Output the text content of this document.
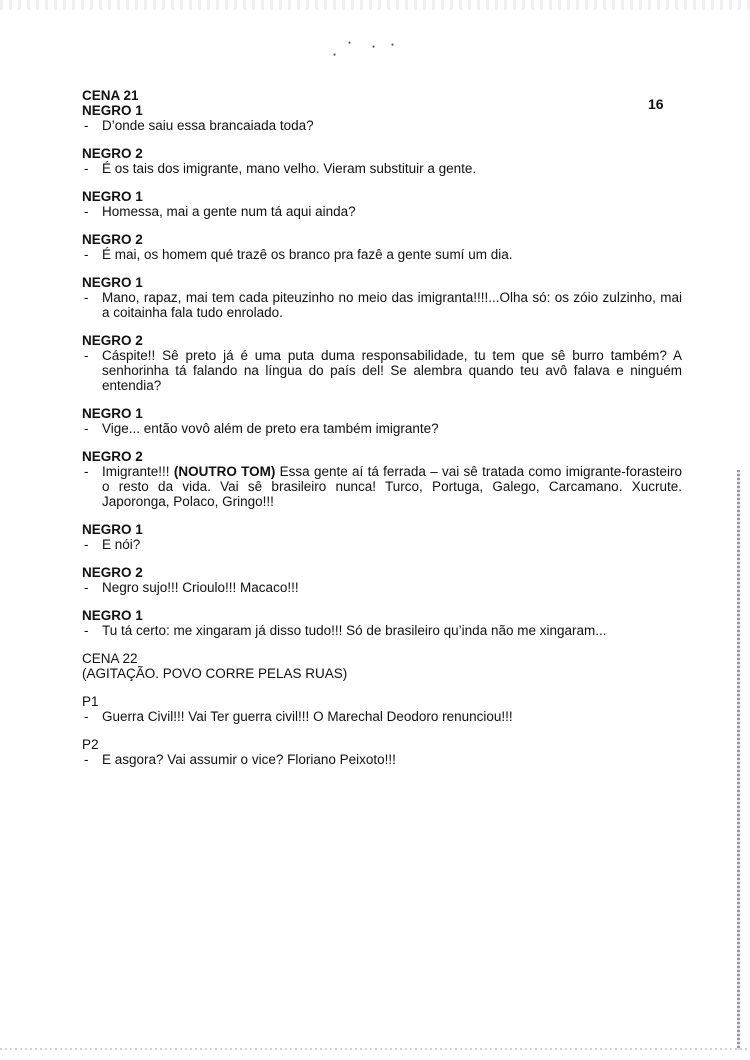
●
●	●
●
16
CENA 21
NEGRO 1
- D’onde saiu essa brancaiada toda?
NEGRO 2
- É os tais dos imigrante, mano velho. Vieram substituir a gente.
NEGRO 1
- Homessa, mai a gente num tá aqui ainda?
NEGRO 2
- É mai, os homem qué trazê os branco pra fazê a gente sumí um dia.
NEGRO 1
- Mano, rapaz, mai tem cada piteuzinho no meio das imigranta!!!!...Olha só: os zóio zulzinho, mai a coitainha fala tudo enrolado.
NEGRO 2
- Cáspite!! Sê preto já é uma puta duma responsabilidade, tu tem que sê burro também? A senhorinha tá falando na língua do país del! Se alembra quando teu avô falava e ninguém entendia?
NEGRO 1
- Vige... então vovô além de preto era também imigrante?
NEGRO 2
- Imigrante!!! (NOUTRO TOM) Essa gente aí tá ferrada – vai sê tratada como imigrante-forasteiro o resto da vida. Vai sê brasileiro nunca! Turco, Portuga, Galego, Carcamano. Xucrute. Japoronga, Polaco, Gringo!!!
NEGRO 1
- E nói?
NEGRO 2
- Negro sujo!!! Crioulo!!! Macaco!!!
NEGRO 1
- Tu tá certo: me xingaram já disso tudo!!! Só de brasileiro qu’inda não me xingaram...
CENA 22
(AGITAÇÃO. POVO CORRE PELAS RUAS)
P1
- Guerra Civil!!! Vai Ter guerra civil!!! O Marechal Deodoro renunciou!!!
P2
- E asgora? Vai assumir o vice? Floriano Peixoto!!!
